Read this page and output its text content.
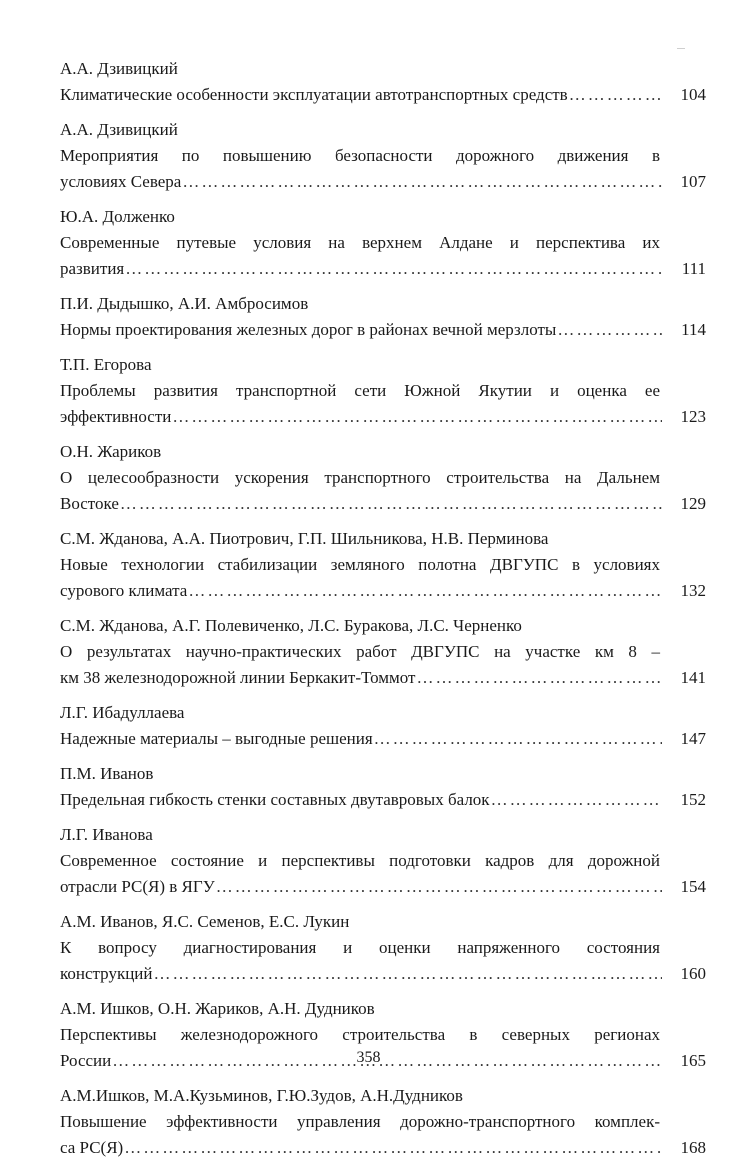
А.А. Дзивицкий
Климатические особенности эксплуатации автотранспортных средств ………………………………………………………………………………………………………………………………………………………………………………	104
А.А. Дзивицкий
Мероприятия по повышению безопасности дорожного движения в
условиях Севера ………………………………………………………………………………………………………………………………………………………………………………	107
Ю.А. Долженко
Современные путевые условия на верхнем Алдане и перспектива их
развития ………………………………………………………………………………………………………………………………………………………………………………	111
П.И. Дыдышко, А.И. Амбросимов
Нормы проектирования железных дорог в районах вечной мерзлоты ………………………………………………………………………………………………………………………………………………………………………………	114
Т.П. Егорова
Проблемы развития транспортной сети Южной Якутии и оценка ее
эффективности ………………………………………………………………………………………………………………………………………………………………………………	123
О.Н. Жариков
О целесообразности ускорения транспортного строительства на Дальнем
Востоке ………………………………………………………………………………………………………………………………………………………………………………	129
С.М. Жданова, А.А. Пиотрович, Г.П. Шильникова, Н.В. Перминова
Новые технологии стабилизации земляного полотна ДВГУПС в условиях
сурового климата ………………………………………………………………………………………………………………………………………………………………………………	132
С.М. Жданова, А.Г. Полевиченко, Л.С. Буракова, Л.С. Черненко
О результатах научно-практических работ ДВГУПС на участке км 8 –
км 38 железнодорожной линии Беркакит-Томмот ………………………………………………………………………………………………………………………………………………………………………………	141
Л.Г. Ибадуллаева
Надежные материалы – выгодные решения ………………………………………………………………………………………………………………………………………………………………………………	147
П.М. Иванов
Предельная гибкость стенки составных двутавровых балок ………………………………………………………………………………………………………………………………………………………………………………	152
Л.Г. Иванова
Современное состояние и перспективы подготовки кадров для дорожной
отрасли РС(Я) в ЯГУ ………………………………………………………………………………………………………………………………………………………………………………	154
А.М. Иванов, Я.С. Семенов, Е.С. Лукин
К вопросу диагностирования и оценки напряженного состояния
конструкций ………………………………………………………………………………………………………………………………………………………………………………	160
А.М. Ишков, О.Н. Жариков, А.Н. Дудников
Перспективы железнодорожного строительства в северных регионах
России ………………………………………………………………………………………………………………………………………………………………………………	165
А.М.Ишков, М.А.Кузьминов, Г.Ю.Зудов, А.Н.Дудников
Повышение эффективности управления дорожно-транспортного комплек-
са РС(Я) ………………………………………………………………………………………………………………………………………………………………………………	168
358
